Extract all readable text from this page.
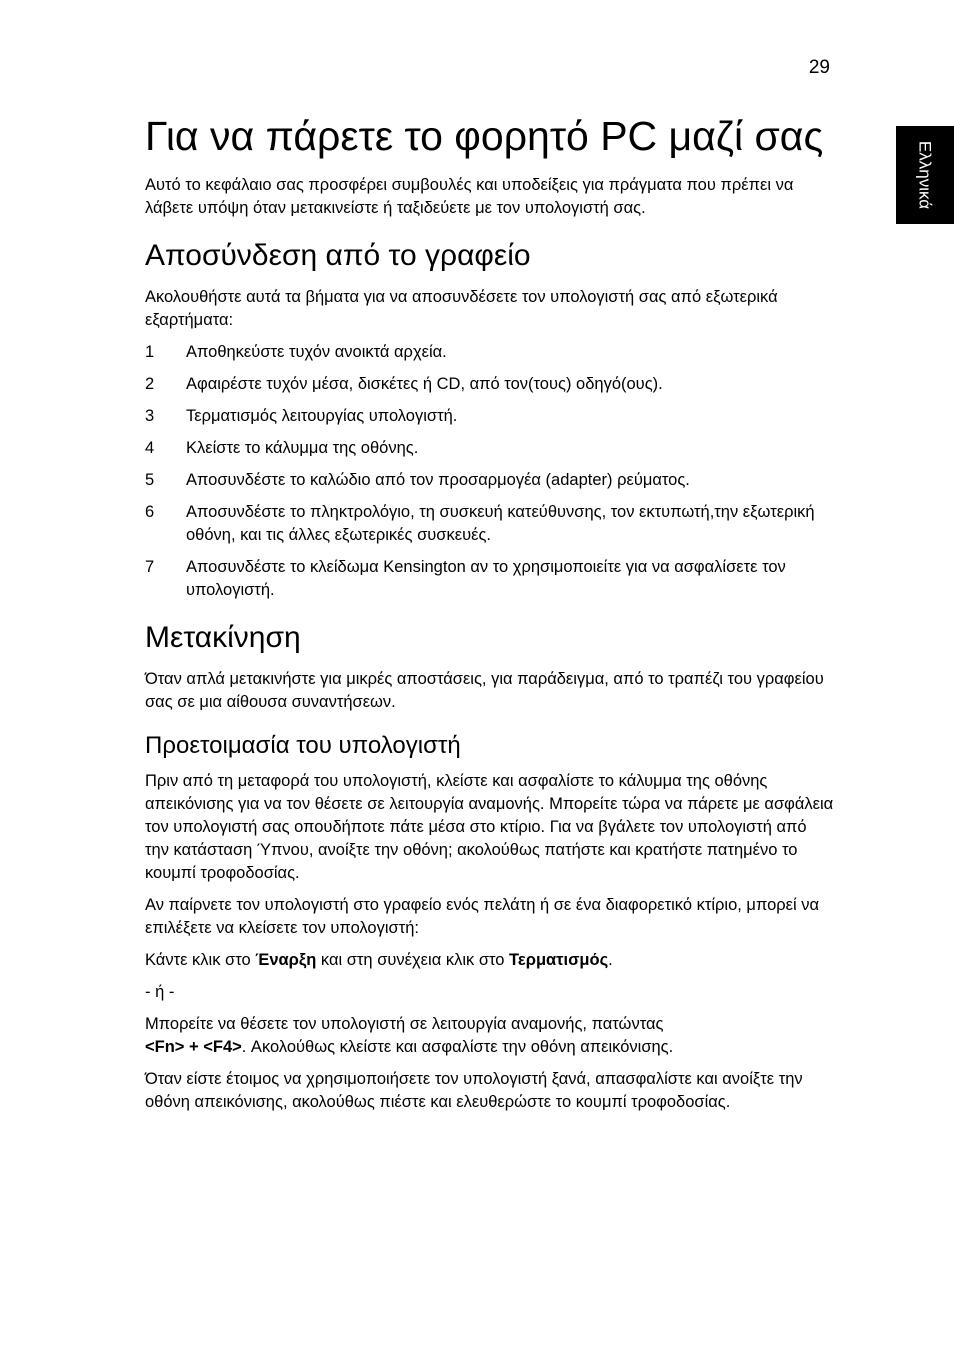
29
Ελληνικά
Για να πάρετε το φορητό PC μαζί σας

Αυτό το κεφάλαιο σας προσφέρει συμβουλές και υποδείξεις για πράγματα που πρέπει να λάβετε υπόψη όταν μετακινείστε ή ταξιδεύετε με τον υπολογιστή σας.

Αποσύνδεση από το γραφείο

Ακολουθήστε αυτά τα βήματα για να αποσυνδέσετε τον υπολογιστή σας από εξωτερικά εξαρτήματα:

1	Αποθηκεύστε τυχόν ανοικτά αρχεία.
2	Αφαιρέστε τυχόν μέσα, δισκέτες ή CD, από τον(τους) οδηγό(ους).
3	Τερματισμός λειτουργίας υπολογιστή.
4	Κλείστε το κάλυμμα της οθόνης.
5	Αποσυνδέστε το καλώδιο από τον προσαρμογέα (adapter) ρεύματος.
6	Αποσυνδέστε το πληκτρολόγιο, τη συσκευή κατεύθυνσης, τον εκτυπωτή,την εξωτερική οθόνη, και τις άλλες εξωτερικές συσκευές.
7	Αποσυνδέστε το κλείδωμα Kensington αν το χρησιμοποιείτε για να ασφαλίσετε τον υπολογιστή.
Μετακίνηση

Όταν απλά μετακινήστε για μικρές αποστάσεις, για παράδειγμα, από το τραπέζι του γραφείου σας σε μια αίθουσα συναντήσεων.

Προετοιμασία του υπολογιστή

Πριν από τη μεταφορά του υπολογιστή, κλείστε και ασφαλίστε το κάλυμμα της οθόνης απεικόνισης για να τον θέσετε σε λειτουργία αναμονής. Μπορείτε τώρα να πάρετε με ασφάλεια τον υπολογιστή σας οπουδήποτε πάτε μέσα στο κτίριο. Για να βγάλετε τον υπολογιστή από την κατάσταση Ύπνου, ανοίξτε την οθόνη; ακολούθως πατήστε και κρατήστε πατημένο το κουμπί τροφοδοσίας.

Αν παίρνετε τον υπολογιστή στο γραφείο ενός πελάτη ή σε ένα διαφορετικό κτίριο, μπορεί να επιλέξετε να κλείσετε τον υπολογιστή:

Κάντε κλικ στο Έναρξη και στη συνέχεια κλικ στο Τερματισμός.

- ή -

Μπορείτε να θέσετε τον υπολογιστή σε λειτουργία αναμονής, πατώντας
<Fn> + <F4>. Ακολούθως κλείστε και ασφαλίστε την οθόνη απεικόνισης.

Όταν είστε έτοιμος να χρησιμοποιήσετε τον υπολογιστή ξανά, απασφαλίστε και ανοίξτε την οθόνη απεικόνισης, ακολούθως πιέστε και ελευθερώστε το κουμπί τροφοδοσίας.
